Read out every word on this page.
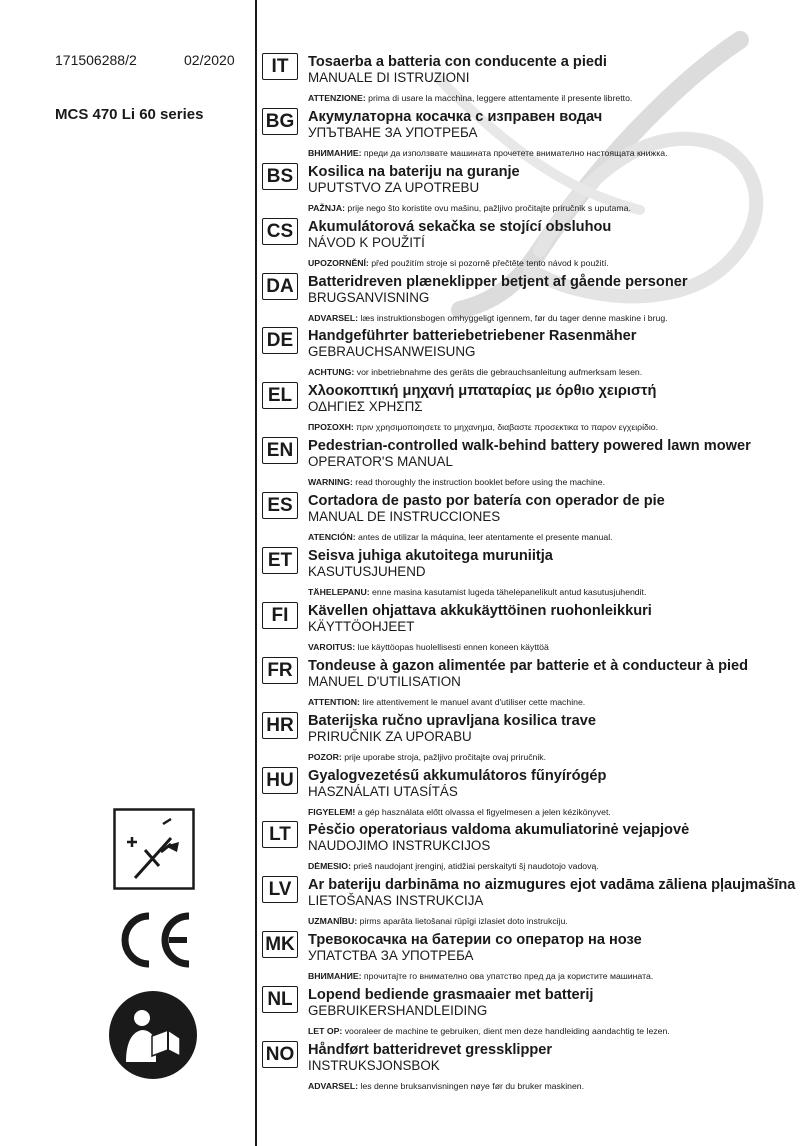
171506288/2	02/2020
MCS 470 Li 60 series
IT	Tosaerba a batteria con conducente a piedi
MANUALE DI ISTRUZIONI
ATTENZIONE: prima di usare la macchina, leggere attentamente il presente libretto.
BG Акумулаторна косачка с изправен водач
УПЪТВАНЕ ЗА УПОТРЕБА
ВНИМАНИЕ: преди да използвате машината прочетете внимателно настоящата книжка.
BS	Kosilica na bateriju na guranje
UPUTSTVO ZA UPOTREBU
PAŽNJA: prije nego što koristite ovu mašinu, pažljivo pročitajte priručnik s uputama.
CS	Akumulátorová sekačka se stojící obsluhou
NÁVOD K POUŽITÍ
UPOZORNĚNÍ: před použitím stroje si pozorně přečtěte tento návod k použití.
DA Batteridreven plæneklipper betjent af gående personer
BRUGSANVISNING
ADVARSEL: læs instruktionsbogen omhyggeligt igennem, før du tager denne maskine i brug.
DE	Handgeführter batteriebetriebener Rasenmäher
GEBRAUCHSANWEISUNG
ACHTUNG: vor inbetriebnahme des geräts die gebrauchsanleitung aufmerksam lesen.
EL	Χλοοκοπτική μηχανή μπαταρίας με όρθιο χειριστή
ΟΔΗΓΙΕΣ ΧΡΗΣΠΣ
ΠΡΟΣΟΧΗ: πριν χρησιμοποιησετε το μηχανημα, διαβαστε προσεκτικα το παρον εγχειρίδιο.
EN	Pedestrian-controlled walk-behind battery powered lawn mower
OPERATOR'S MANUAL
WARNING: read thoroughly the instruction booklet before using the machine.
ES	Cortadora de pasto por batería con operador de pie
MANUAL DE INSTRUCCIONES
ATENCIÓN: antes de utilizar la máquina, leer atentamente el presente manual.
ET	Seisva juhiga akutoitega muruniitja
KASUTUSJUHEND
TÄHELEPANU: enne masina kasutamist lugeda tähelepanelikult antud kasutusjuhendit.
FI	Kävellen ohjattava akkukäyttöinen ruohonleikkuri
KÄYTTÖOHJEET
VAROITUS: lue käyttöopas huolellisesti ennen koneen käyttöä
FR	Tondeuse à gazon alimentée par batterie et à conducteur à pied
MANUEL D'UTILISATION
ATTENTION: lire attentivement le manuel avant d'utiliser cette machine.
HR Baterijska ručno upravljana kosilica trave
PRIRUČNIK ZA UPORABU
POZOR: prije uporabe stroja, pažljivo pročitajte ovaj priručnik.
HU Gyalogvezetésű akkumulátoros fűnyírógép
HASZNÁLATI UTASÍTÁS
FIGYELEM! a gép használata előtt olvassa el figyelmesen a jelen kézikönyvet.
LT	Pėsčio operatoriaus valdoma akumuliatorinė vejapjovė
NAUDOJIMO INSTRUKCIJOS
DĖMESIO: prieš naudojant įrenginį, atidžiai perskaityti šį naudotojo vadovą.
LV	Ar bateriju darbināma no aizmugures ejot vadāma zāliena pļaujmašīna
LIETOŠANAS INSTRUKCIJA
UZMANĪBU: pirms aparāta lietošanai rūpīgi izlasiet doto instrukciju.
MK Тревокосачка на батерии со оператор на нозе
УПАТСТВА ЗА УПОТРЕБА
ВНИМАНИЕ: прочитајте го внимателно ова упатство пред да ја користите машината.
NL	Lopend bediende grasmaaier met batterij
GEBRUIKERSHANDLEIDING
LET OP: vooraleer de machine te gebruiken, dient men deze handleiding aandachtig te lezen.
NO Håndført batteridrevet gressklipper
INSTRUKSJONSBOK
ADVARSEL: les denne bruksanvisningen nøye før du bruker maskinen.
